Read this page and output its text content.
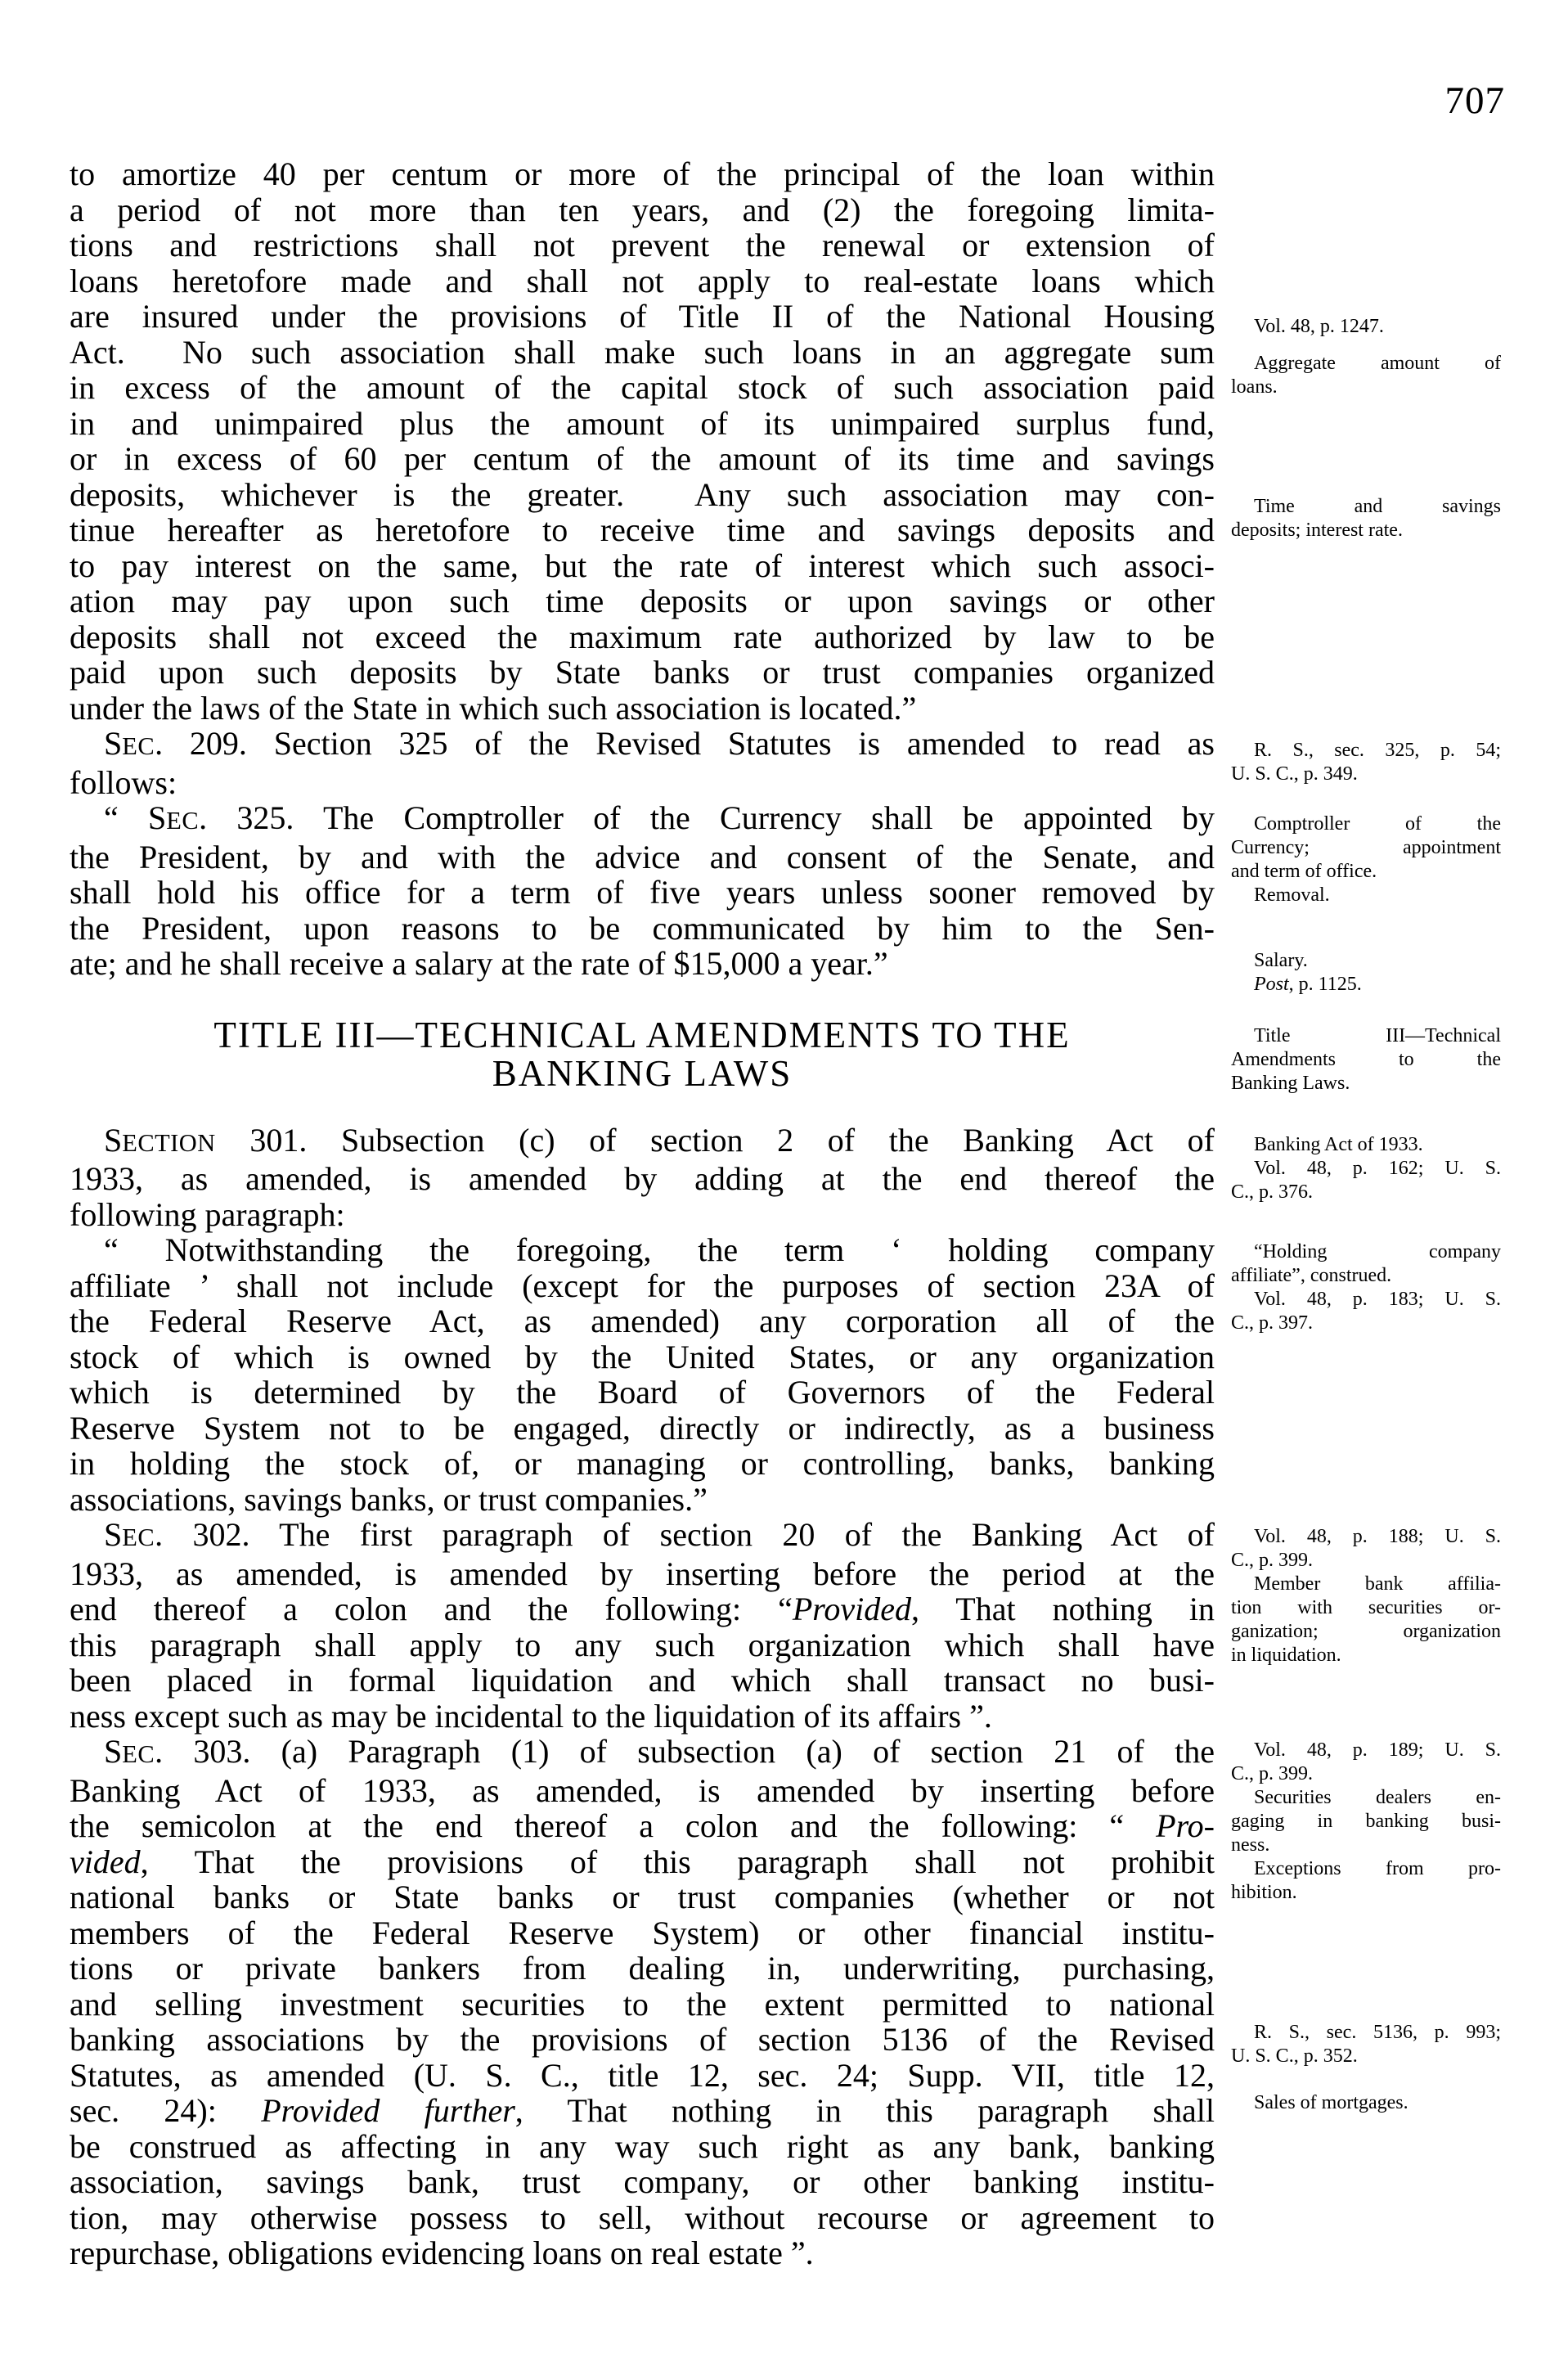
707
to amortize 40 per centum or more of the principal of the loan within
a period of not more than ten years, and (2) the foregoing limita-
tions and restrictions shall not prevent the renewal or extension of
loans heretofore made and shall not apply to real-estate loans which
are insured under the provisions of Title II of the National Housing
Act.  No such association shall make such loans in an aggregate sum
in excess of the amount of the capital stock of such association paid
in and unimpaired plus the amount of its unimpaired surplus fund,
or in excess of 60 per centum of the amount of its time and savings
deposits, whichever is the greater.  Any such association may con-
tinue hereafter as heretofore to receive time and savings deposits and
to pay interest on the same, but the rate of interest which such associ-
ation may pay upon such time deposits or upon savings or other
deposits shall not exceed the maximum rate authorized by law to be
paid upon such deposits by State banks or trust companies organized
under the laws of the State in which such association is located.”
SEC. 209. Section 325 of the Revised Statutes is amended to read as
follows:
“ SEC. 325. The Comptroller of the Currency shall be appointed by
the President, by and with the advice and consent of the Senate, and
shall hold his office for a term of five years unless sooner removed by
the President, upon reasons to be communicated by him to the Sen-
ate; and he shall receive a salary at the rate of $15,000 a year.”
TITLE III—TECHNICAL AMENDMENTS TO THE
BANKING LAWS
SECTION 301. Subsection (c) of section 2 of the Banking Act of
1933, as amended, is amended by adding at the end thereof the
following paragraph:
“ Notwithstanding the foregoing, the term ‘ holding company
affiliate ’ shall not include (except for the purposes of section 23A of
the Federal Reserve Act, as amended) any corporation all of the
stock of which is owned by the United States, or any organization
which is determined by the Board of Governors of the Federal
Reserve System not to be engaged, directly or indirectly, as a business
in holding the stock of, or managing or controlling, banks, banking
associations, savings banks, or trust companies.”
SEC. 302. The first paragraph of section 20 of the Banking Act of
1933, as amended, is amended by inserting before the period at the
end thereof a colon and the following: “Provided, That nothing in
this paragraph shall apply to any such organization which shall have
been placed in formal liquidation and which shall transact no busi-
ness except such as may be incidental to the liquidation of its affairs ”.
SEC. 303. (a) Paragraph (1) of subsection (a) of section 21 of the
Banking Act of 1933, as amended, is amended by inserting before
the semicolon at the end thereof a colon and the following: “ Pro-
vided, That the provisions of this paragraph shall not prohibit
national banks or State banks or trust companies (whether or not
members of the Federal Reserve System) or other financial institu-
tions or private bankers from dealing in, underwriting, purchasing,
and selling investment securities to the extent permitted to national
banking associations by the provisions of section 5136 of the Revised
Statutes, as amended (U. S. C., title 12, sec. 24; Supp. VII, title 12,
sec. 24): Provided further, That nothing in this paragraph shall
be construed as affecting in any way such right as any bank, banking
association, savings bank, trust company, or other banking institu-
tion, may otherwise possess to sell, without recourse or agreement to
repurchase, obligations evidencing loans on real estate ”.
Vol. 48, p. 1247.
Aggregate amount of
loans.
Time and savings
deposits; interest rate.
R. S., sec. 325, p. 54;
U. S. C., p. 349.
Comptroller of the
Currency; appointment
and term of office.
Removal.
Salary.
Post, p. 1125.
Title III—Technical
Amendments to the
Banking Laws.
Banking Act of 1933.
Vol. 48, p. 162; U. S.
C., p. 376.
“Holding company
affiliate”, construed.
Vol. 48, p. 183; U. S.
C., p. 397.
Vol. 48, p. 188; U. S.
C., p. 399.
Member bank affilia-
tion with securities or-
ganization; organization
in liquidation.
Vol. 48, p. 189; U. S.
C., p. 399.
Securities dealers en-
gaging in banking busi-
ness.
Exceptions from pro-
hibition.
R. S., sec. 5136, p. 993;
U. S. C., p. 352.
Sales of mortgages.
